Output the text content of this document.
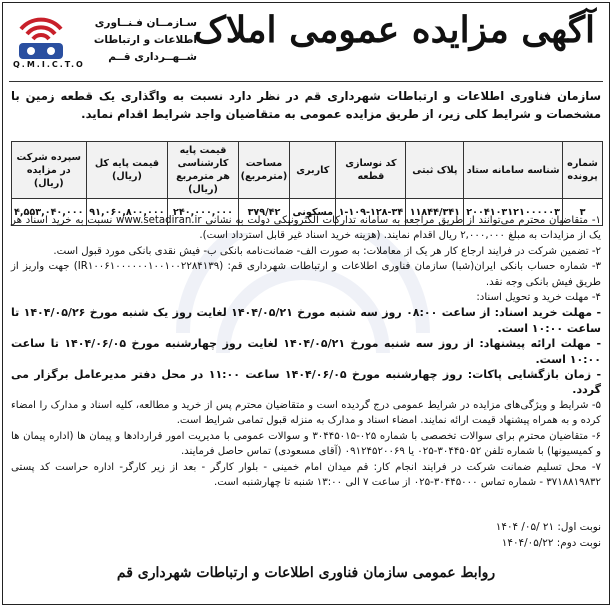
آگهی مزایده عمومی املاک
سـازمــان فـنــاوری
اطلاعات و ارتباطات
شــهــرداری قــم
Q.M.I.C.T.O
سازمان فناوری اطلاعات و ارتباطات شهرداری قم در نظر دارد نسبت به واگذاری یک قطعه زمین با مشخصات و شرایط کلی زیر، از طریق مزایده عمومی به متقاضیان واجد شرایط اقدام نماید.
شماره پرونده	شناسه سامانه ستاد	پلاک ثبتی	کد نوسازی قطعه	کاربری	مساحت (مترمربع)	قیمت پایه کارشناسی هر مترمربع (ریال)	قیمت پایه کل (ریال)	سپرده شرکت در مزایده (ریال)
۳	۲۰۰۴۱۰۳۱۲۱۰۰۰۰۰۳	۱۱۸۴۴/۳۴۱	۱-۱۰۹-۱۲۸-۳۴	مسکونی	۳۷۹/۴۲	۲۴۰,۰۰۰,۰۰۰	۹۱,۰۶۰,۸۰۰,۰۰۰	۴,۵۵۳,۰۴۰,۰۰۰

۱- متقاضیان محترم می‌توانند از طریق مراجعه به سامانه تدارکات الکترونیکی دولت به نشانی www.setadiran.ir نسبت به خرید اسناد هر یک از مزایدات به مبلغ ۲,۰۰۰,۰۰۰ ریال اقدام نمایند. (هزینه خرید اسناد غیر قابل استرداد است).

۲- تضمین شرکت در فرایند ارجاع کار هر یک از معاملات: به صورت الف- ضمانت‌نامه بانکی ب- فیش نقدی بانکی مورد قبول است.

۳- شماره حساب بانکی ایران(شبا) سازمان فناوری اطلاعات و ارتباطات شهرداری قم: (IR۱۰۰۶۱۰۰۰۰۰۰۱۰۰۱۰۰۲۲۸۴۱۳۹) جهت واریز از طریق فیش بانکی وجه نقد.

۴- مهلت خرید و تحویل اسناد:

- مهلت خرید اسناد: از ساعت ۰۸:۰۰ روز سه شنبه مورخ ۱۴۰۴/۰۵/۲۱ لغایت روز یک شنبه مورخ ۱۴۰۴/۰۵/۲۶ تا ساعت ۱۰:۰۰ است.

- مهلت ارائه پیشنهاد: از روز سه شنبه مورخ ۱۴۰۴/۰۵/۲۱ لغایت روز چهارشنبه مورخ ۱۴۰۴/۰۶/۰۵ تا ساعت ۱۰:۰۰ است.

- زمان بازگشایی پاکات: روز چهارشنبه مورخ ۱۴۰۴/۰۶/۰۵ ساعت ۱۱:۰۰ در محل دفتر مدیرعامل برگزار می گردد.

۵- شرایط و ویژگی‌های مزایده در شرایط عمومی درج گردیده است و متقاضیان محترم پس از خرید و مطالعه، کلیه اسناد و مدارک را امضاء کرده و به همراه پیشنهاد قیمت ارائه نمایند. امضاء اسناد و مدارک به منزله قبول تمامی شرایط است.

۶- متقاضیان محترم برای سوالات تخصصی با شماره ۰۲۵-۳۰۴۴۵۰۱۵ و سوالات عمومی با مدیریت امور قراردادها و پیمان ها (اداره پیمان ها و کمیسیونها) با شماره تلفن ۳۰۴۴۵۰۵۲-۰۲۵ یا ۰۹۱۲۴۵۲۰۰۶۹ (آقای مسعودی) تماس حاصل فرمایند.

۷- محل تسلیم ضمانت شرکت در فرایند انجام کار: قم میدان امام خمینی - بلوار کارگر - بعد از زیر کارگر- اداره حراست کد پستی ۳۷۱۸۸۱۹۸۳۲ - شماره تماس ۳۰۴۴۵۰۰۰-۰۲۵ از ساعت ۷ الی ۱۳:۰۰ شنبه تا چهارشنبه است.

نوبت اول: ۲۱ /۰۵/ ۱۴۰۴
نوبت دوم: ۱۴۰۴/۰۵/۲۲
روابط عمومی سازمان فناوری اطلاعات و ارتباطات شهرداری قم
